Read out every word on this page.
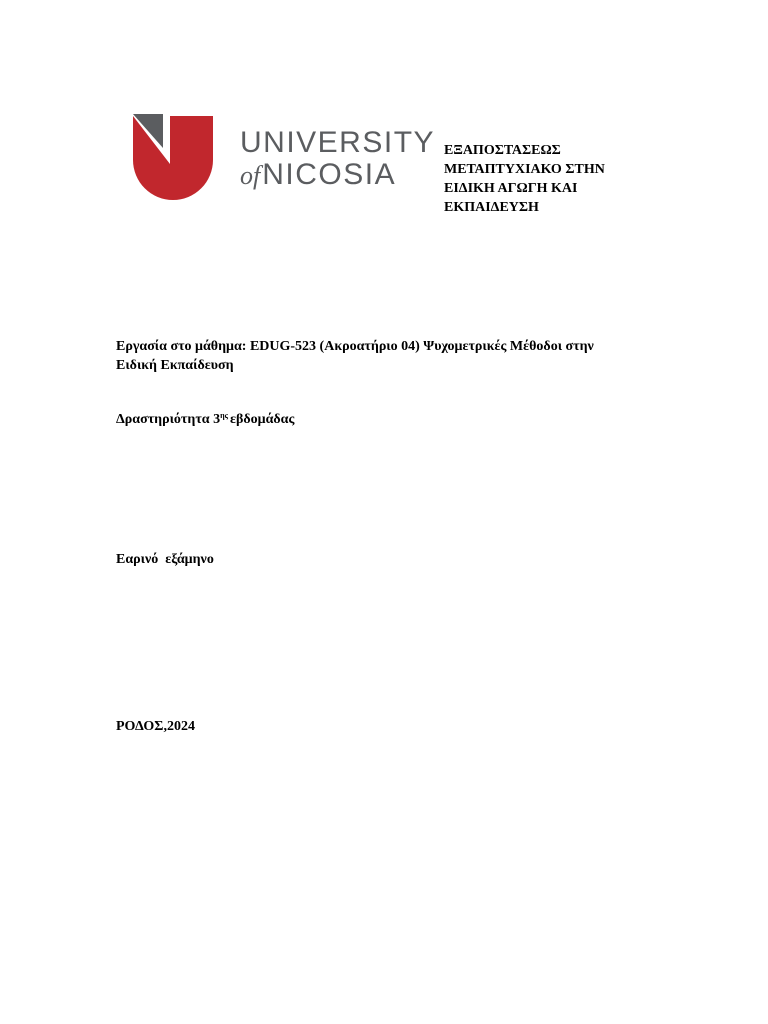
UNIVERSITY
ofNICOSIA
ΕΞΑΠΟΣΤΑΣΕΩΣ
ΜΕΤΑΠΤΥΧΙΑΚΟ ΣΤΗΝ
ΕΙΔΙΚΗ ΑΓΩΓΗ ΚΑΙ
ΕΚΠΑΙΔΕΥΣΗ
Εργασία στο μάθημα: EDUG-523 (Ακροατήριο 04) Ψυχομετρικές Μέθοδοι στην
Ειδική Εκπαίδευση
Δραστηριότητα $3^{\eta\varsigma}$ εβδομάδας
Εαρινό  εξάμηνο
ΡΟΔΟΣ,2024
